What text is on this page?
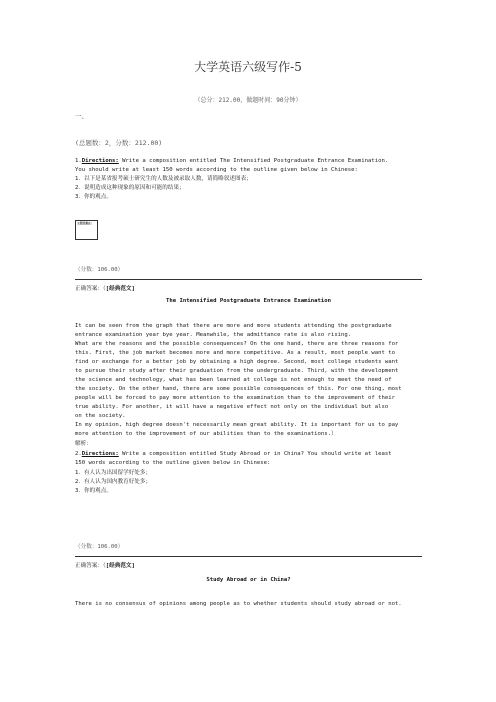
大学英语六级写作-5
（总分：212.00，做题时间：90分钟）
一、
(总题数：2，分数：212.00)
1.Directions: Write a composition entitled The Intensified Postgraduate Entrance Examination.
You should write at least 150 words according to the outline given below in Chinese:
1．以下是某省报考硕士研究生的人数及被录取人数，请简略叙述图表；
2．说明造成这种现象的原因和可能的结果；
3．你的观点。
[图表略]
（分数：106.00）
正确答案：（[经典范文]
The Intensified Postgraduate Entrance Examination
It can be seen from the graph that there are more and more students attending the postgraduate
entrance examination year bye year. Meanwhile, the admittance rate is also rising.
What are the reasons and the possible consequences? On the one hand, there are three reasons for
this. First, the job market becomes more and more competitive. As a result, most people want to
find or exchange for a better job by obtaining a high degree. Second, most college students want
to pursue their study after their graduation from the undergraduate. Third, with the development
the science and technology, what has been learned at college is not enough to meet the need of
the society. On the other hand, there are some possible consequences of this. For one thing, most
people will be forced to pay more attention to the examination than to the improvement of their
true ability. For another, it will have a negative effect not only on the individual but also
on the society.
In my opinion, high degree doesn't necessarily mean great ability. It is important for us to pay
more attention to the improvement of our abilities than to the examinations.）
解析：
2.Directions: Write a composition entitled Study Abroad or in China? You should write at least
150 words according to the outline given below in Chinese:
1．有人认为出国留学好处多；
2．有人认为国内教育好处多；
3．你的观点。
（分数：106.00）
正确答案：（[经典范文]
Study Abroad or in China?
There is no consensus of opinions among people as to whether students should study abroad or not.
